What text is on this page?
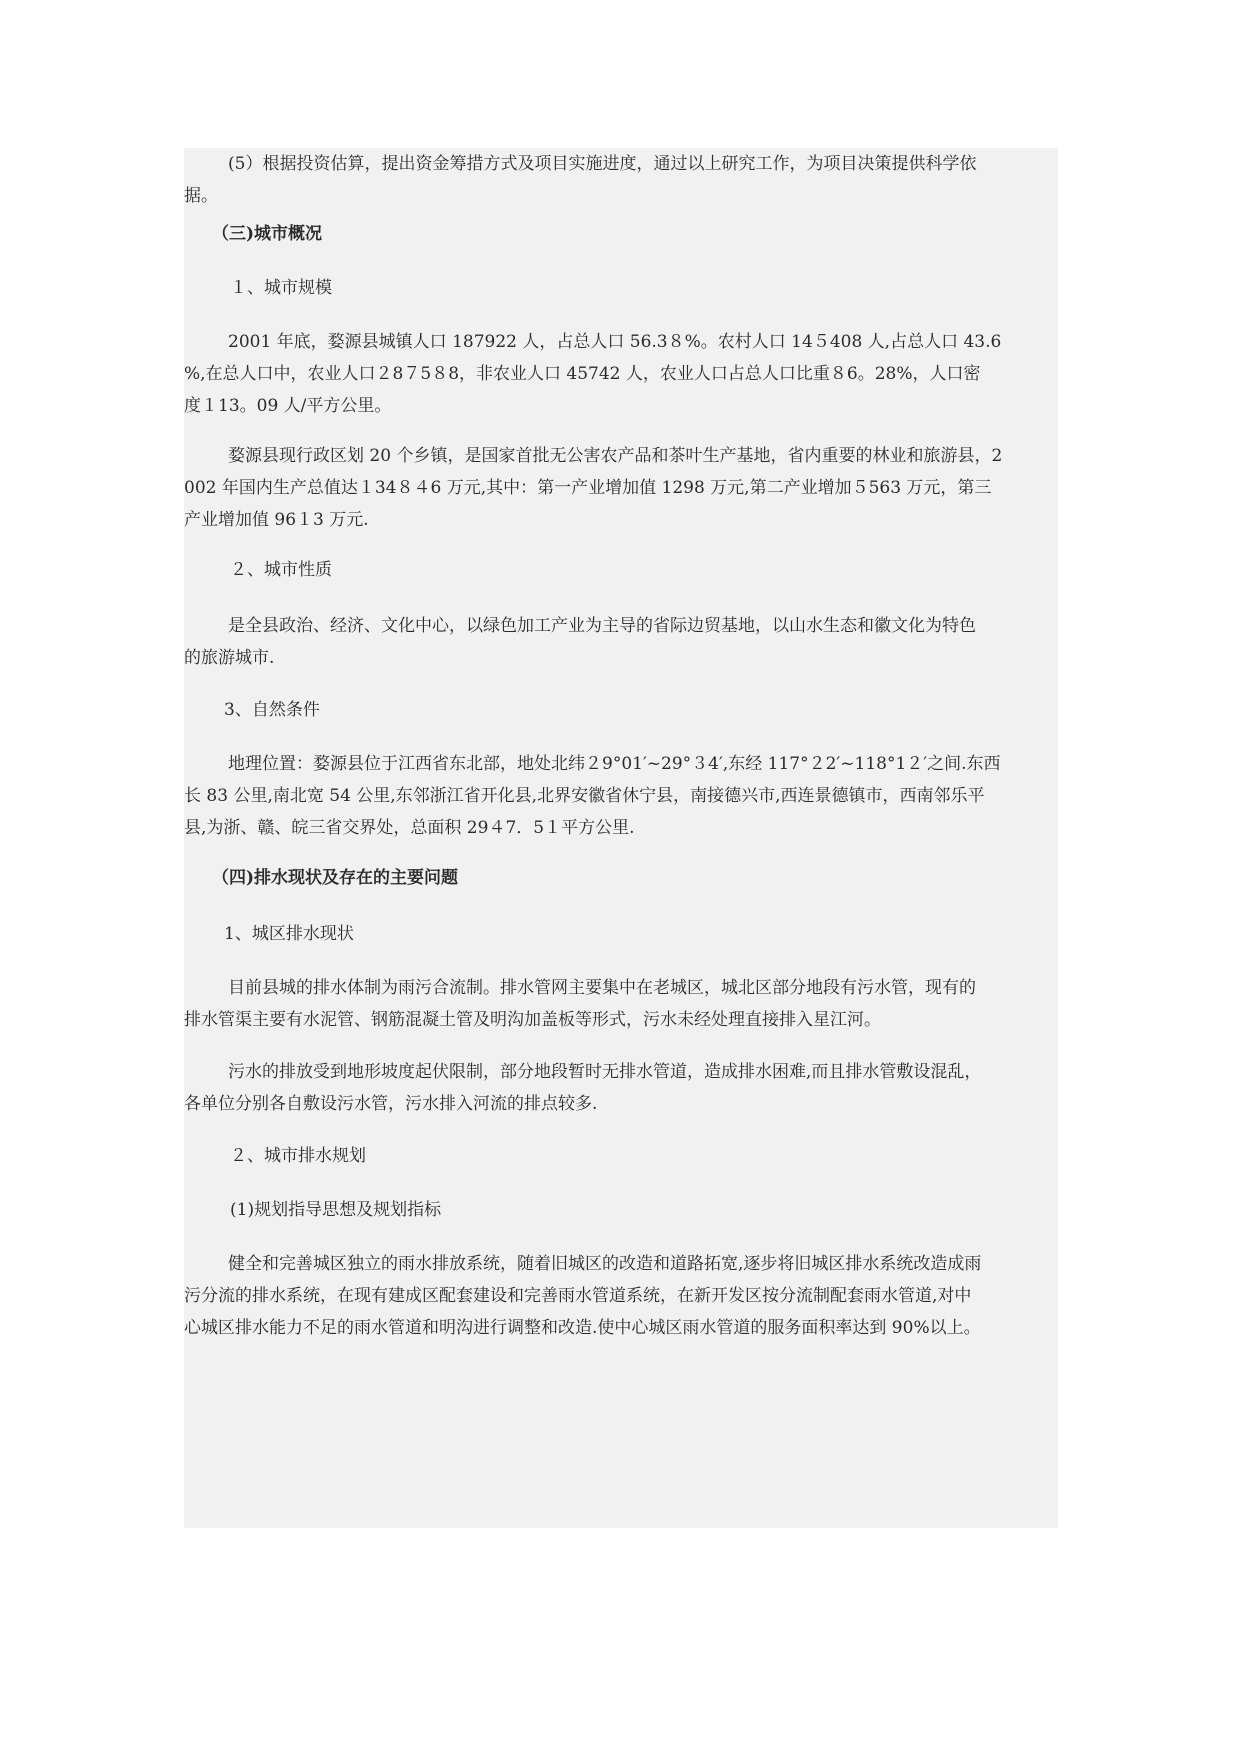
(5）根据投资估算，提出资金筹措方式及项目实施进度，通过以上研究工作，为项目决策提供科学依

据。

（三)城市概况

１、城市规模

2001 年底，婺源县城镇人口 187922 人，占总人口 56.3８%。农村人口 14５408 人,占总人口 43.6

%,在总人口中，农业人口２8７5８8，非农业人口 45742 人，农业人口占总人口比重８6。28%，人口密

度１13。09 人/平方公里。

婺源县现行政区划 20 个乡镇，是国家首批无公害农产品和茶叶生产基地，省内重要的林业和旅游县，2

002 年国内生产总值达１34８４6 万元,其中：第一产业增加值 1298 万元,第二产业增加５563 万元，第三

产业增加值 96１3 万元.

２、城市性质

是全县政治、经济、文化中心，以绿色加工产业为主导的省际边贸基地，以山水生态和徽文化为特色

的旅游城市.

3、自然条件

地理位置：婺源县位于江西省东北部，地处北纬２9°01′~29°３4′,东经 117°２2′~118°1２′之间.东西

长 83 公里,南北宽 54 公里,东邻浙江省开化县,北界安徽省休宁县，南接德兴市,西连景德镇市，西南邻乐平

县,为浙、赣、皖三省交界处，总面积 29４7．5１平方公里.

（四)排水现状及存在的主要问题

1、城区排水现状

目前县城的排水体制为雨污合流制。排水管网主要集中在老城区，城北区部分地段有污水管，现有的

排水管渠主要有水泥管、钢筋混凝土管及明沟加盖板等形式，污水未经处理直接排入星江河。

污水的排放受到地形坡度起伏限制，部分地段暂时无排水管道，造成排水困难,而且排水管敷设混乱，

各单位分别各自敷设污水管，污水排入河流的排点较多.

２、城市排水规划

(1)规划指导思想及规划指标

健全和完善城区独立的雨水排放系统，随着旧城区的改造和道路拓宽,逐步将旧城区排水系统改造成雨

污分流的排水系统，在现有建成区配套建设和完善雨水管道系统，在新开发区按分流制配套雨水管道,对中

心城区排水能力不足的雨水管道和明沟进行调整和改造.使中心城区雨水管道的服务面积率达到 90%以上。
